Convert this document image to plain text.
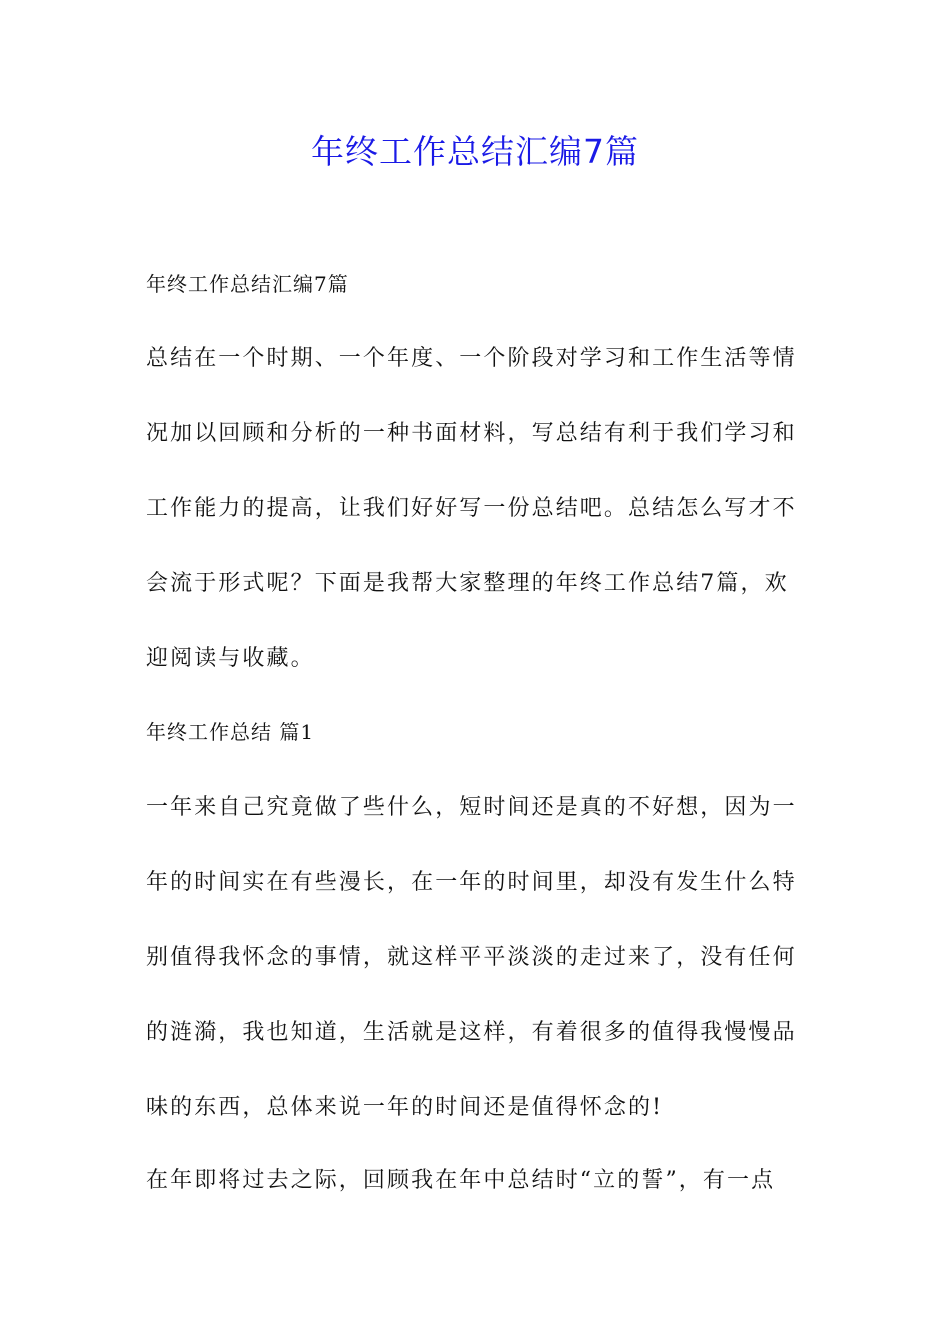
年终工作总结汇编7篇

年终工作总结汇编7篇

总结在一个时期、一个年度、一个阶段对学习和工作生活等情

况加以回顾和分析的一种书面材料，写总结有利于我们学习和

工作能力的提高，让我们好好写一份总结吧。总结怎么写才不

会流于形式呢？下面是我帮大家整理的年终工作总结7篇，欢

迎阅读与收藏。

年终工作总结 篇1

一年来自己究竟做了些什么，短时间还是真的不好想，因为一

年的时间实在有些漫长，在一年的时间里，却没有发生什么特

别值得我怀念的事情，就这样平平淡淡的走过来了，没有任何

的涟漪，我也知道，生活就是这样，有着很多的值得我慢慢品

味的东西，总体来说一年的时间还是值得怀念的!

在年即将过去之际，回顾我在年中总结时“立的誓”，有一点
